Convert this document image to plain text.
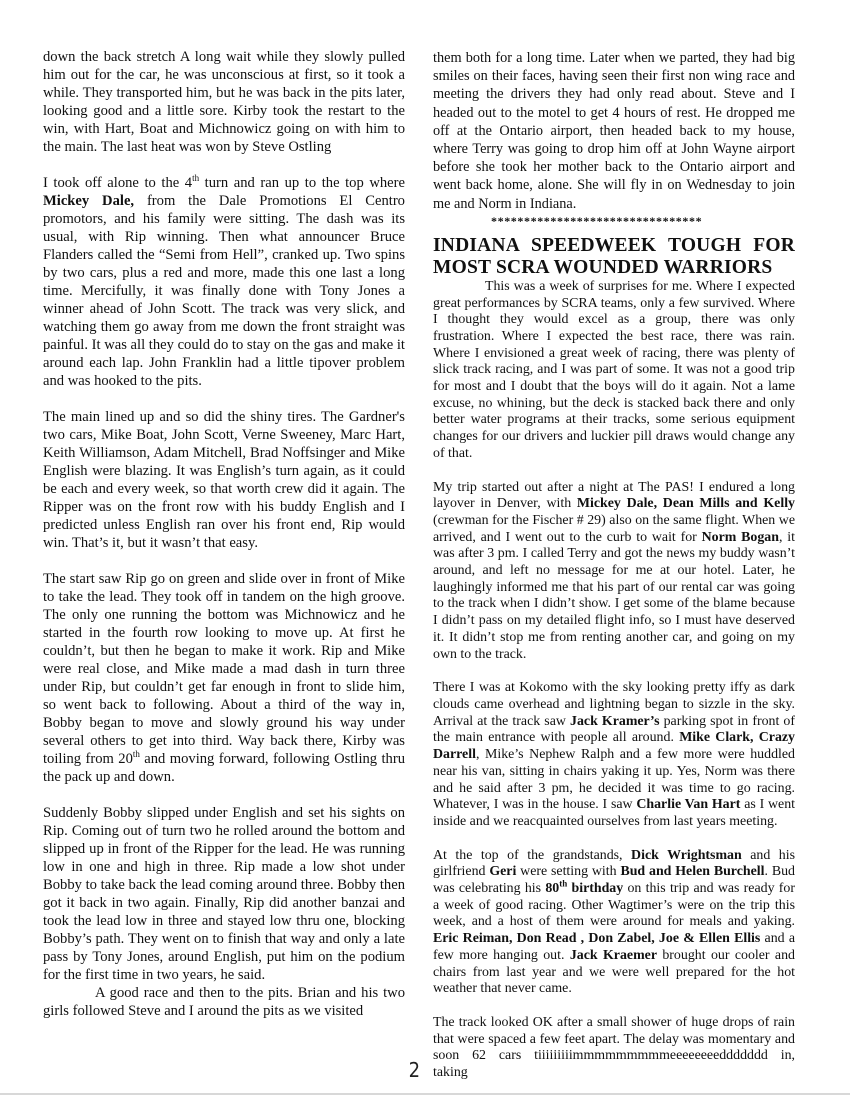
down the back stretch A long wait while they slowly pulled him out for the car, he was unconscious at first, so it took a while. They transported him, but he was back in the pits later, looking good and a little sore. Kirby took the restart to the win, with Hart, Boat and Michnowicz going on with him to the main. The last heat was won by Steve Ostling

I took off alone to the 4th turn and ran up to the top where Mickey Dale, from the Dale Promotions El Centro promotors, and his family were sitting. The dash was its usual, with Rip winning. Then what announcer Bruce Flanders called the “Semi from Hell”, cranked up. Two spins by two cars, plus a red and more, made this one last a long time. Mercifully, it was finally done with Tony Jones a winner ahead of John Scott. The track was very slick, and watching them go away from me down the front straight was painful. It was all they could do to stay on the gas and make it around each lap. John Franklin had a little tipover problem and was hooked to the pits.

The main lined up and so did the shiny tires. The Gardner's two cars, Mike Boat, John Scott, Verne Sweeney, Marc Hart, Keith Williamson, Adam Mitchell, Brad Noffsinger and Mike English were blazing. It was English’s turn again, as it could be each and every week, so that worth crew did it again. The Ripper was on the front row with his buddy English and I predicted unless English ran over his front end, Rip would win. That’s it, but it wasn’t that easy.

The start saw Rip go on green and slide over in front of Mike to take the lead. They took off in tandem on the high groove. The only one running the bottom was Michnowicz and he started in the fourth row looking to move up. At first he couldn’t, but then he began to make it work. Rip and Mike were real close, and Mike made a mad dash in turn three under Rip, but couldn’t get far enough in front to slide him, so went back to following. About a third of the way in, Bobby began to move and slowly ground his way under several others to get into third. Way back there, Kirby was toiling from 20th and moving forward, following Ostling thru the pack up and down.

Suddenly Bobby slipped under English and set his sights on Rip. Coming out of turn two he rolled around the bottom and slipped up in front of the Ripper for the lead. He was running low in one and high in three. Rip made a low shot under Bobby to take back the lead coming around three. Bobby then got it back in two again. Finally, Rip did another banzai and took the lead low in three and stayed low thru one, blocking Bobby’s path. They went on to finish that way and only a late pass by Tony Jones, around English, put him on the podium for the first time in two years, he said.

A good race and then to the pits. Brian and his two girls followed Steve and I around the pits as we visited

them both for a long time. Later when we parted, they had big smiles on their faces, having seen their first non wing race and meeting the drivers they had only read about. Steve and I headed out to the motel to get 4 hours of rest. He dropped me off at the Ontario airport, then headed back to my house, where Terry was going to drop him off at John Wayne airport before she took her mother back to the Ontario airport and went back home, alone. She will fly in on Wednesday to join me and Norm in Indiana.

********************************
INDIANA SPEEDWEEK TOUGH FOR
MOST SCRA WOUNDED WARRIORS

This was a week of surprises for me. Where I expected great performances by SCRA teams, only a few survived. Where I thought they would excel as a group, there was only frustration. Where I expected the best race, there was rain. Where I envisioned a great week of racing, there was plenty of slick track racing, and I was part of some. It was not a good trip for most and I doubt that the boys will do it again. Not a lame excuse, no whining, but the deck is stacked back there and only better water programs at their tracks, some serious equipment changes for our drivers and luckier pill draws would change any of that.

My trip started out after a night at The PAS! I endured a long layover in Denver, with Mickey Dale, Dean Mills and Kelly (crewman for the Fischer # 29) also on the same flight. When we arrived, and I went out to the curb to wait for Norm Bogan, it was after 3 pm. I called Terry and got the news my buddy wasn’t around, and left no message for me at our hotel. Later, he laughingly informed me that his part of our rental car was going to the track when I didn’t show. I get some of the blame because I didn’t pass on my detailed flight info, so I must have deserved it. It didn’t stop me from renting another car, and going on my own to the track.

There I was at Kokomo with the sky looking pretty iffy as dark clouds came overhead and lightning began to sizzle in the sky. Arrival at the track saw Jack Kramer’s parking spot in front of the main entrance with people all around. Mike Clark, Crazy Darrell, Mike’s Nephew Ralph and a few more were huddled near his van, sitting in chairs yaking it up. Yes, Norm was there and he said after 3 pm, he decided it was time to go racing. Whatever, I was in the house. I saw Charlie Van Hart as I went inside and we reacquainted ourselves from last years meeting.

At the top of the grandstands, Dick Wrightsman and his girlfriend Geri were setting with Bud and Helen Burchell. Bud was celebrating his 80th birthday on this trip and was ready for a week of good racing. Other Wagtimer’s were on the trip this week, and a host of them were around for meals and yaking. Eric Reiman, Don Read , Don Zabel, Joe & Ellen Ellis and a few more hanging out. Jack Kraemer brought our cooler and chairs from last year and we were well prepared for the hot weather that never came.

The track looked OK after a small shower of huge drops of rain that were spaced a few feet apart. The delay was momentary and soon 62 cars tiiiiiiiiimmmmmmmmmeeeeeeeeddddddd in, taking

2
